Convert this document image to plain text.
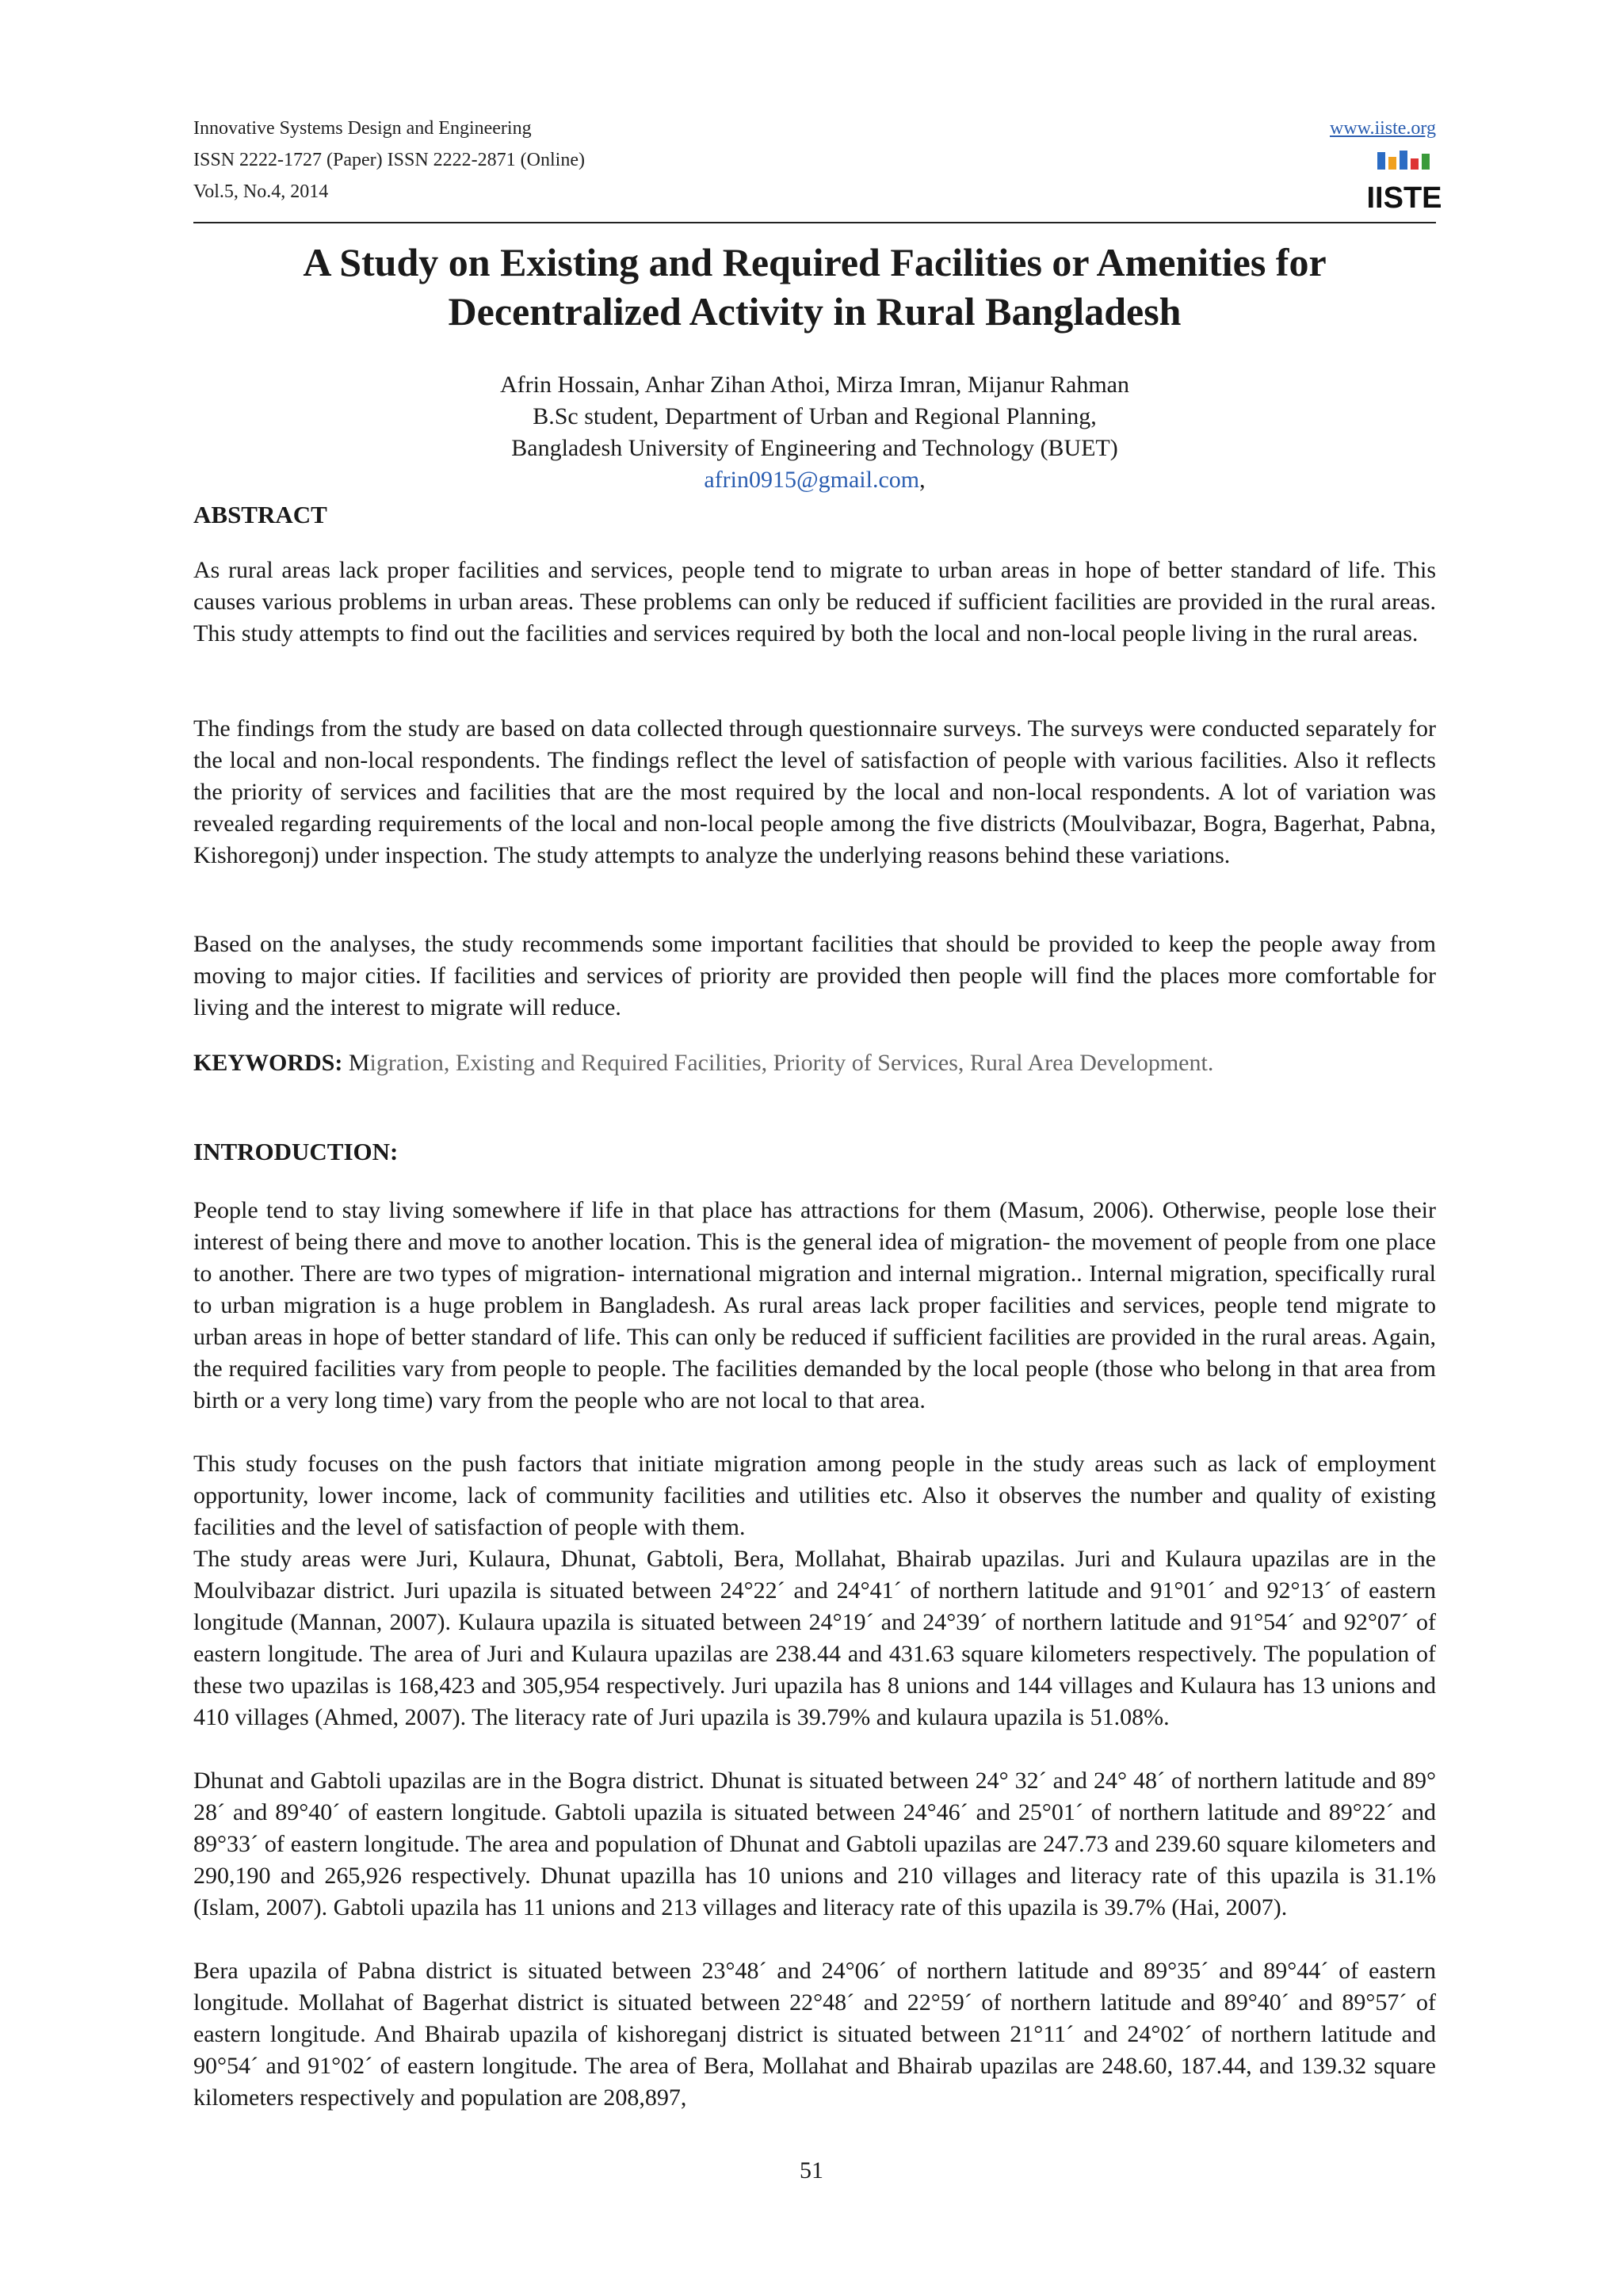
Innovative Systems Design and Engineering
ISSN 2222-1727 (Paper) ISSN 2222-2871 (Online)
Vol.5, No.4, 2014
www.iiste.org
IISTE
A Study on Existing and Required Facilities or Amenities for
Decentralized Activity in Rural Bangladesh
Afrin Hossain, Anhar Zihan Athoi, Mirza Imran, Mijanur Rahman
B.Sc student, Department of Urban and Regional Planning,
Bangladesh University of Engineering and Technology (BUET)
afrin0915@gmail.com,
ABSTRACT

As rural areas lack proper facilities and services, people tend to migrate to urban areas in hope of better standard of life. This causes various problems in urban areas. These problems can only be reduced if sufficient facilities are provided in the rural areas. This study attempts to find out the facilities and services required by both the local and non-local people living in the rural areas.

The findings from the study are based on data collected through questionnaire surveys. The surveys were conducted separately for the local and non-local respondents. The findings reflect the level of satisfaction of people with various facilities. Also it reflects the priority of services and facilities that are the most required by the local and non-local respondents. A lot of variation was revealed regarding requirements of the local and non-local people among the five districts (Moulvibazar, Bogra, Bagerhat, Pabna, Kishoregonj) under inspection. The study attempts to analyze the underlying reasons behind these variations.

Based on the analyses, the study recommends some important facilities that should be provided to keep the people away from moving to major cities. If facilities and services of priority are provided then people will find the places more comfortable for living and the interest to migrate will reduce.

KEYWORDS: Migration, Existing and Required Facilities, Priority of Services, Rural Area Development.

INTRODUCTION:

People tend to stay living somewhere if life in that place has attractions for them (Masum, 2006). Otherwise, people lose their interest of being there and move to another location. This is the general idea of migration- the movement of people from one place to another. There are two types of migration- international migration and internal migration.. Internal migration, specifically rural to urban migration is a huge problem in Bangladesh. As rural areas lack proper facilities and services, people tend migrate to urban areas in hope of better standard of life. This can only be reduced if sufficient facilities are provided in the rural areas. Again, the required facilities vary from people to people. The facilities demanded by the local people (those who belong in that area from birth or a very long time) vary from the people who are not local to that area.

This study focuses on the push factors that initiate migration among people in the study areas such as lack of employment opportunity, lower income, lack of community facilities and utilities etc. Also it observes the number and quality of existing facilities and the level of satisfaction of people with them.

The study areas were Juri, Kulaura, Dhunat, Gabtoli, Bera, Mollahat, Bhairab upazilas. Juri and Kulaura upazilas are in the Moulvibazar district. Juri upazila is situated between 24°22´ and 24°41´ of northern latitude and 91°01´ and 92°13´ of eastern longitude (Mannan, 2007). Kulaura upazila is situated between 24°19´ and 24°39´ of northern latitude and 91°54´ and 92°07´ of eastern longitude. The area of Juri and Kulaura upazilas are 238.44 and 431.63 square kilometers respectively. The population of these two upazilas is 168,423 and 305,954 respectively. Juri upazila has 8 unions and 144 villages and Kulaura has 13 unions and 410 villages (Ahmed, 2007). The literacy rate of Juri upazila is 39.79% and kulaura upazila is 51.08%.

Dhunat and Gabtoli upazilas are in the Bogra district. Dhunat is situated between 24° 32´ and 24° 48´ of northern latitude and 89° 28´ and 89°40´ of eastern longitude. Gabtoli upazila is situated between 24°46´ and 25°01´ of northern latitude and 89°22´ and 89°33´ of eastern longitude. The area and population of Dhunat and Gabtoli upazilas are 247.73 and 239.60 square kilometers and 290,190 and 265,926 respectively. Dhunat upazilla has 10 unions and 210 villages and literacy rate of this upazila is 31.1% (Islam, 2007). Gabtoli upazila has 11 unions and 213 villages and literacy rate of this upazila is 39.7% (Hai, 2007).

Bera upazila of Pabna district is situated between 23°48´ and 24°06´ of northern latitude and 89°35´ and 89°44´ of eastern longitude. Mollahat of Bagerhat district is situated between 22°48´ and 22°59´ of northern latitude and 89°40´ and 89°57´ of eastern longitude. And Bhairab upazila of kishoreganj district is situated between 21°11´ and 24°02´ of northern latitude and 90°54´ and 91°02´ of eastern longitude. The area of Bera, Mollahat and Bhairab upazilas are 248.60, 187.44, and 139.32 square kilometers respectively and population are 208,897,

51
